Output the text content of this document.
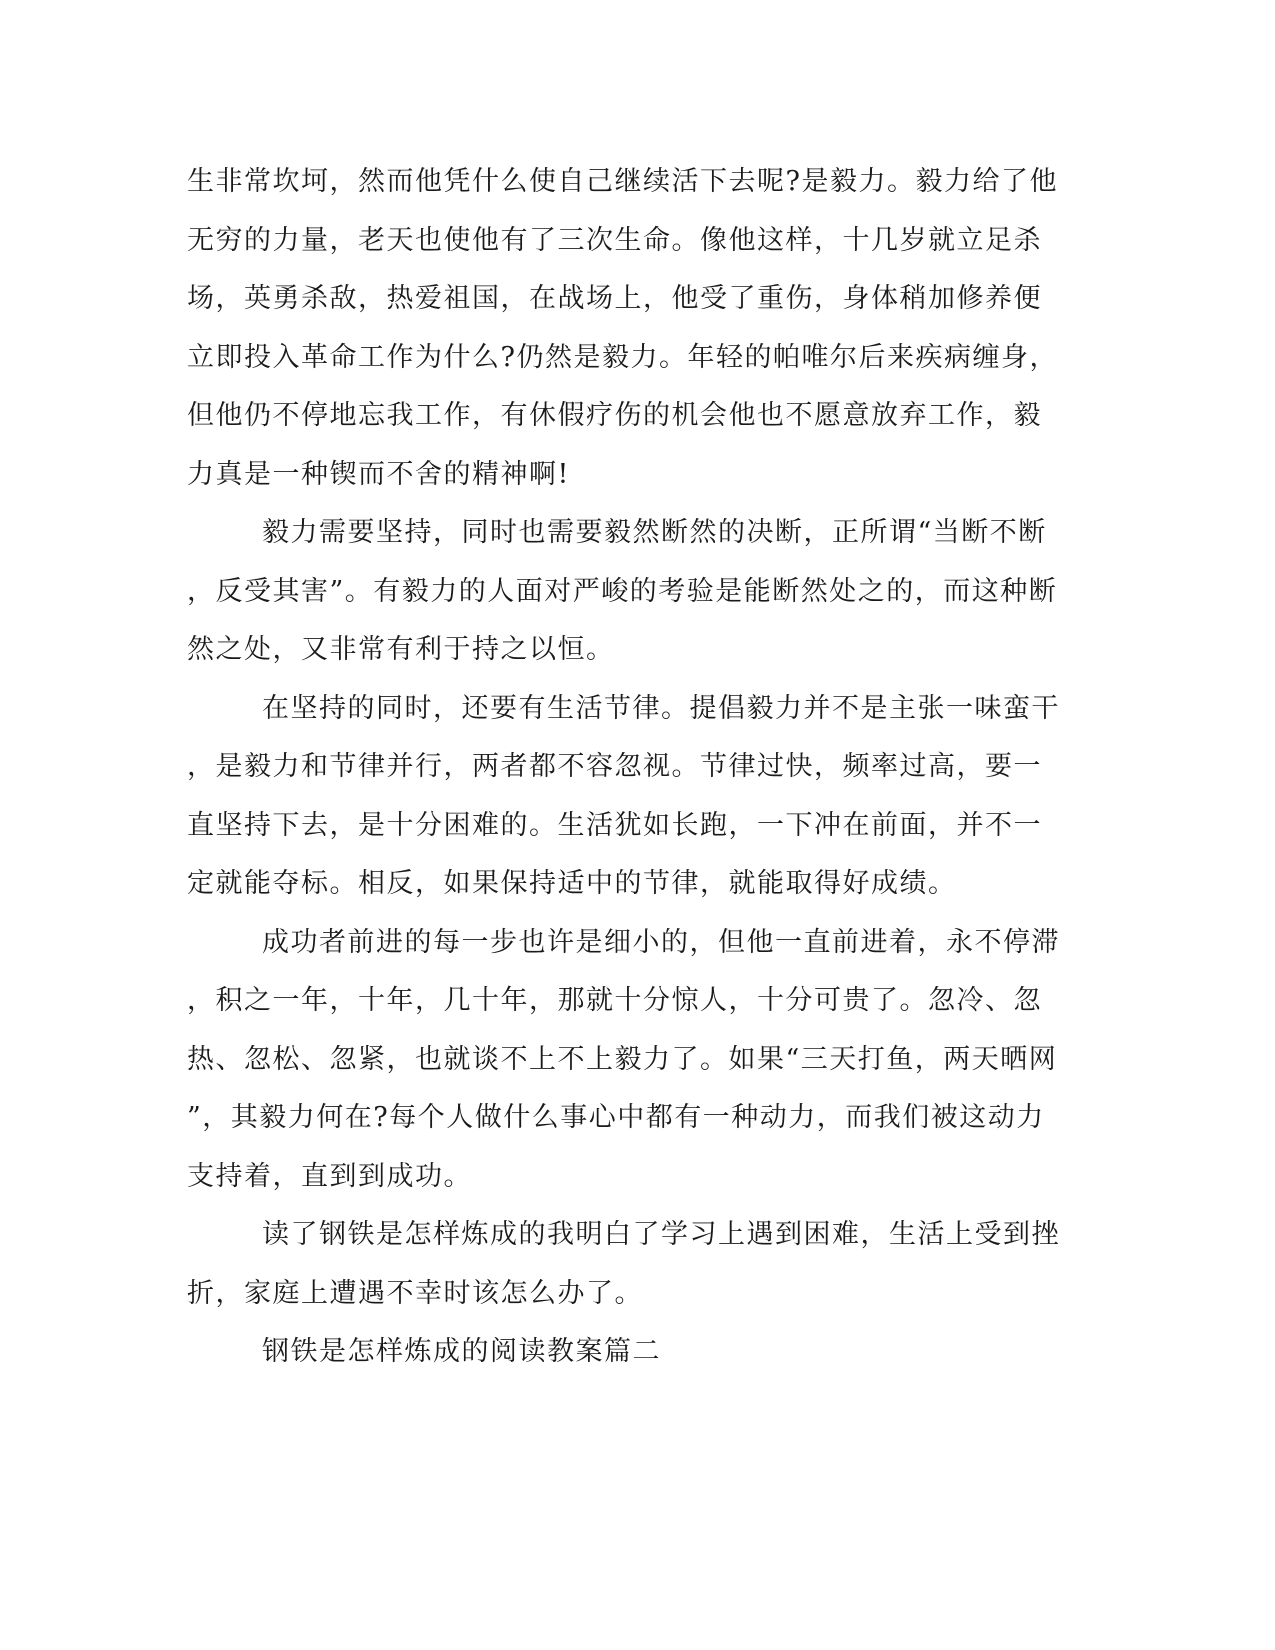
生非常坎坷，然而他凭什么使自己继续活下去呢?是毅力。毅力给了他
无穷的力量，老天也使他有了三次生命。像他这样，十几岁就立足杀
场，英勇杀敌，热爱祖国，在战场上，他受了重伤，身体稍加修养便
立即投入革命工作为什么?仍然是毅力。年轻的帕唯尔后来疾病缠身，
但他仍不停地忘我工作，有休假疗伤的机会他也不愿意放弃工作，毅
力真是一种锲而不舍的精神啊!
毅力需要坚持，同时也需要毅然断然的决断，正所谓“当断不断
，反受其害”。有毅力的人面对严峻的考验是能断然处之的，而这种断
然之处，又非常有利于持之以恒。
在坚持的同时，还要有生活节律。提倡毅力并不是主张一味蛮干
，是毅力和节律并行，两者都不容忽视。节律过快，频率过高，要一
直坚持下去，是十分困难的。生活犹如长跑，一下冲在前面，并不一
定就能夺标。相反，如果保持适中的节律，就能取得好成绩。
成功者前进的每一步也许是细小的，但他一直前进着，永不停滞
，积之一年，十年，几十年，那就十分惊人，十分可贵了。忽冷、忽
热、忽松、忽紧，也就谈不上不上毅力了。如果“三天打鱼，两天晒网
”，其毅力何在?每个人做什么事心中都有一种动力，而我们被这动力
支持着，直到到成功。
读了钢铁是怎样炼成的我明白了学习上遇到困难，生活上受到挫
折，家庭上遭遇不幸时该怎么办了。
钢铁是怎样炼成的阅读教案篇二
